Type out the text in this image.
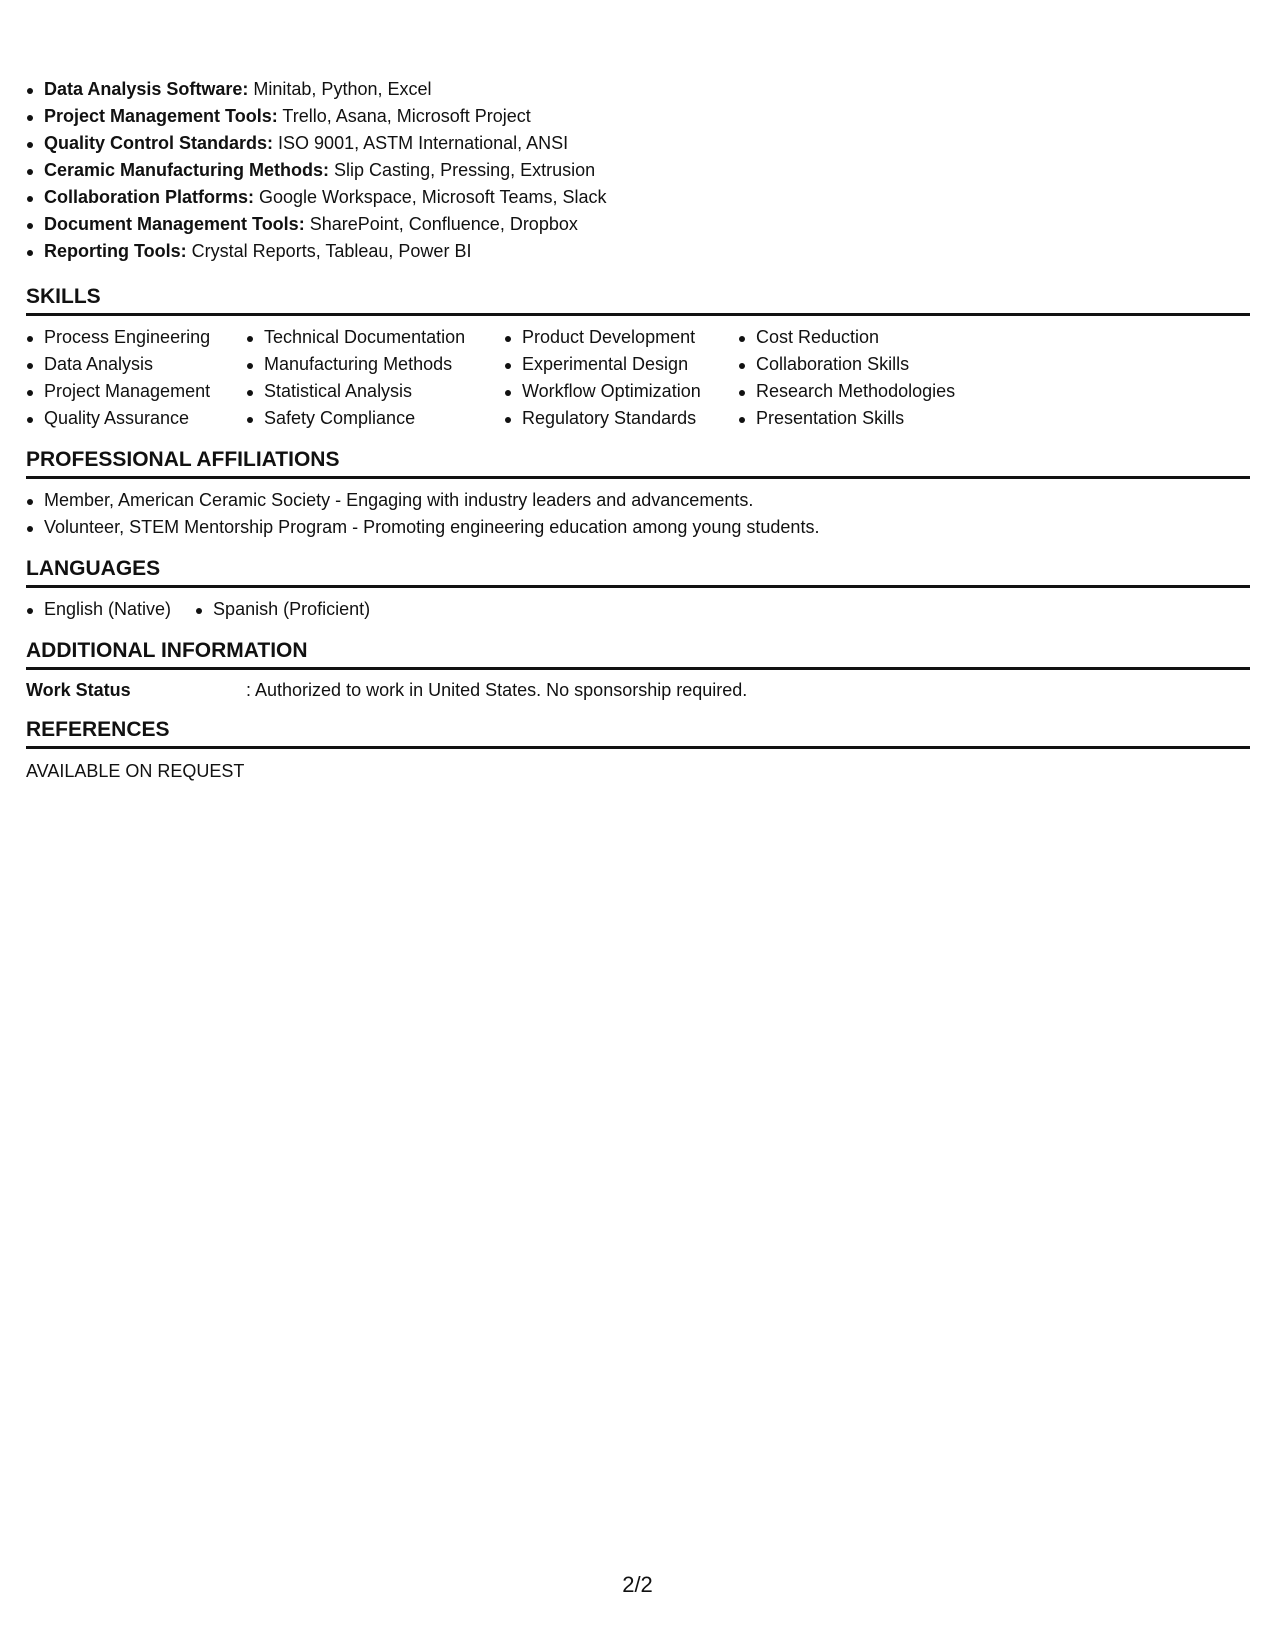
Data Analysis Software: Minitab, Python, Excel
Project Management Tools: Trello, Asana, Microsoft Project
Quality Control Standards: ISO 9001, ASTM International, ANSI
Ceramic Manufacturing Methods: Slip Casting, Pressing, Extrusion
Collaboration Platforms: Google Workspace, Microsoft Teams, Slack
Document Management Tools: SharePoint, Confluence, Dropbox
Reporting Tools: Crystal Reports, Tableau, Power BI
SKILLS
Process Engineering
Data Analysis
Project Management
Quality Assurance
Technical Documentation
Manufacturing Methods
Statistical Analysis
Safety Compliance
Product Development
Experimental Design
Workflow Optimization
Regulatory Standards
Cost Reduction
Collaboration Skills
Research Methodologies
Presentation Skills
PROFESSIONAL AFFILIATIONS
Member, American Ceramic Society - Engaging with industry leaders and advancements.
Volunteer, STEM Mentorship Program - Promoting engineering education among young students.
LANGUAGES
English (Native)	Spanish (Proficient)
ADDITIONAL INFORMATION
Work Status	: Authorized to work in United States. No sponsorship required.
REFERENCES
AVAILABLE ON REQUEST
2/2
